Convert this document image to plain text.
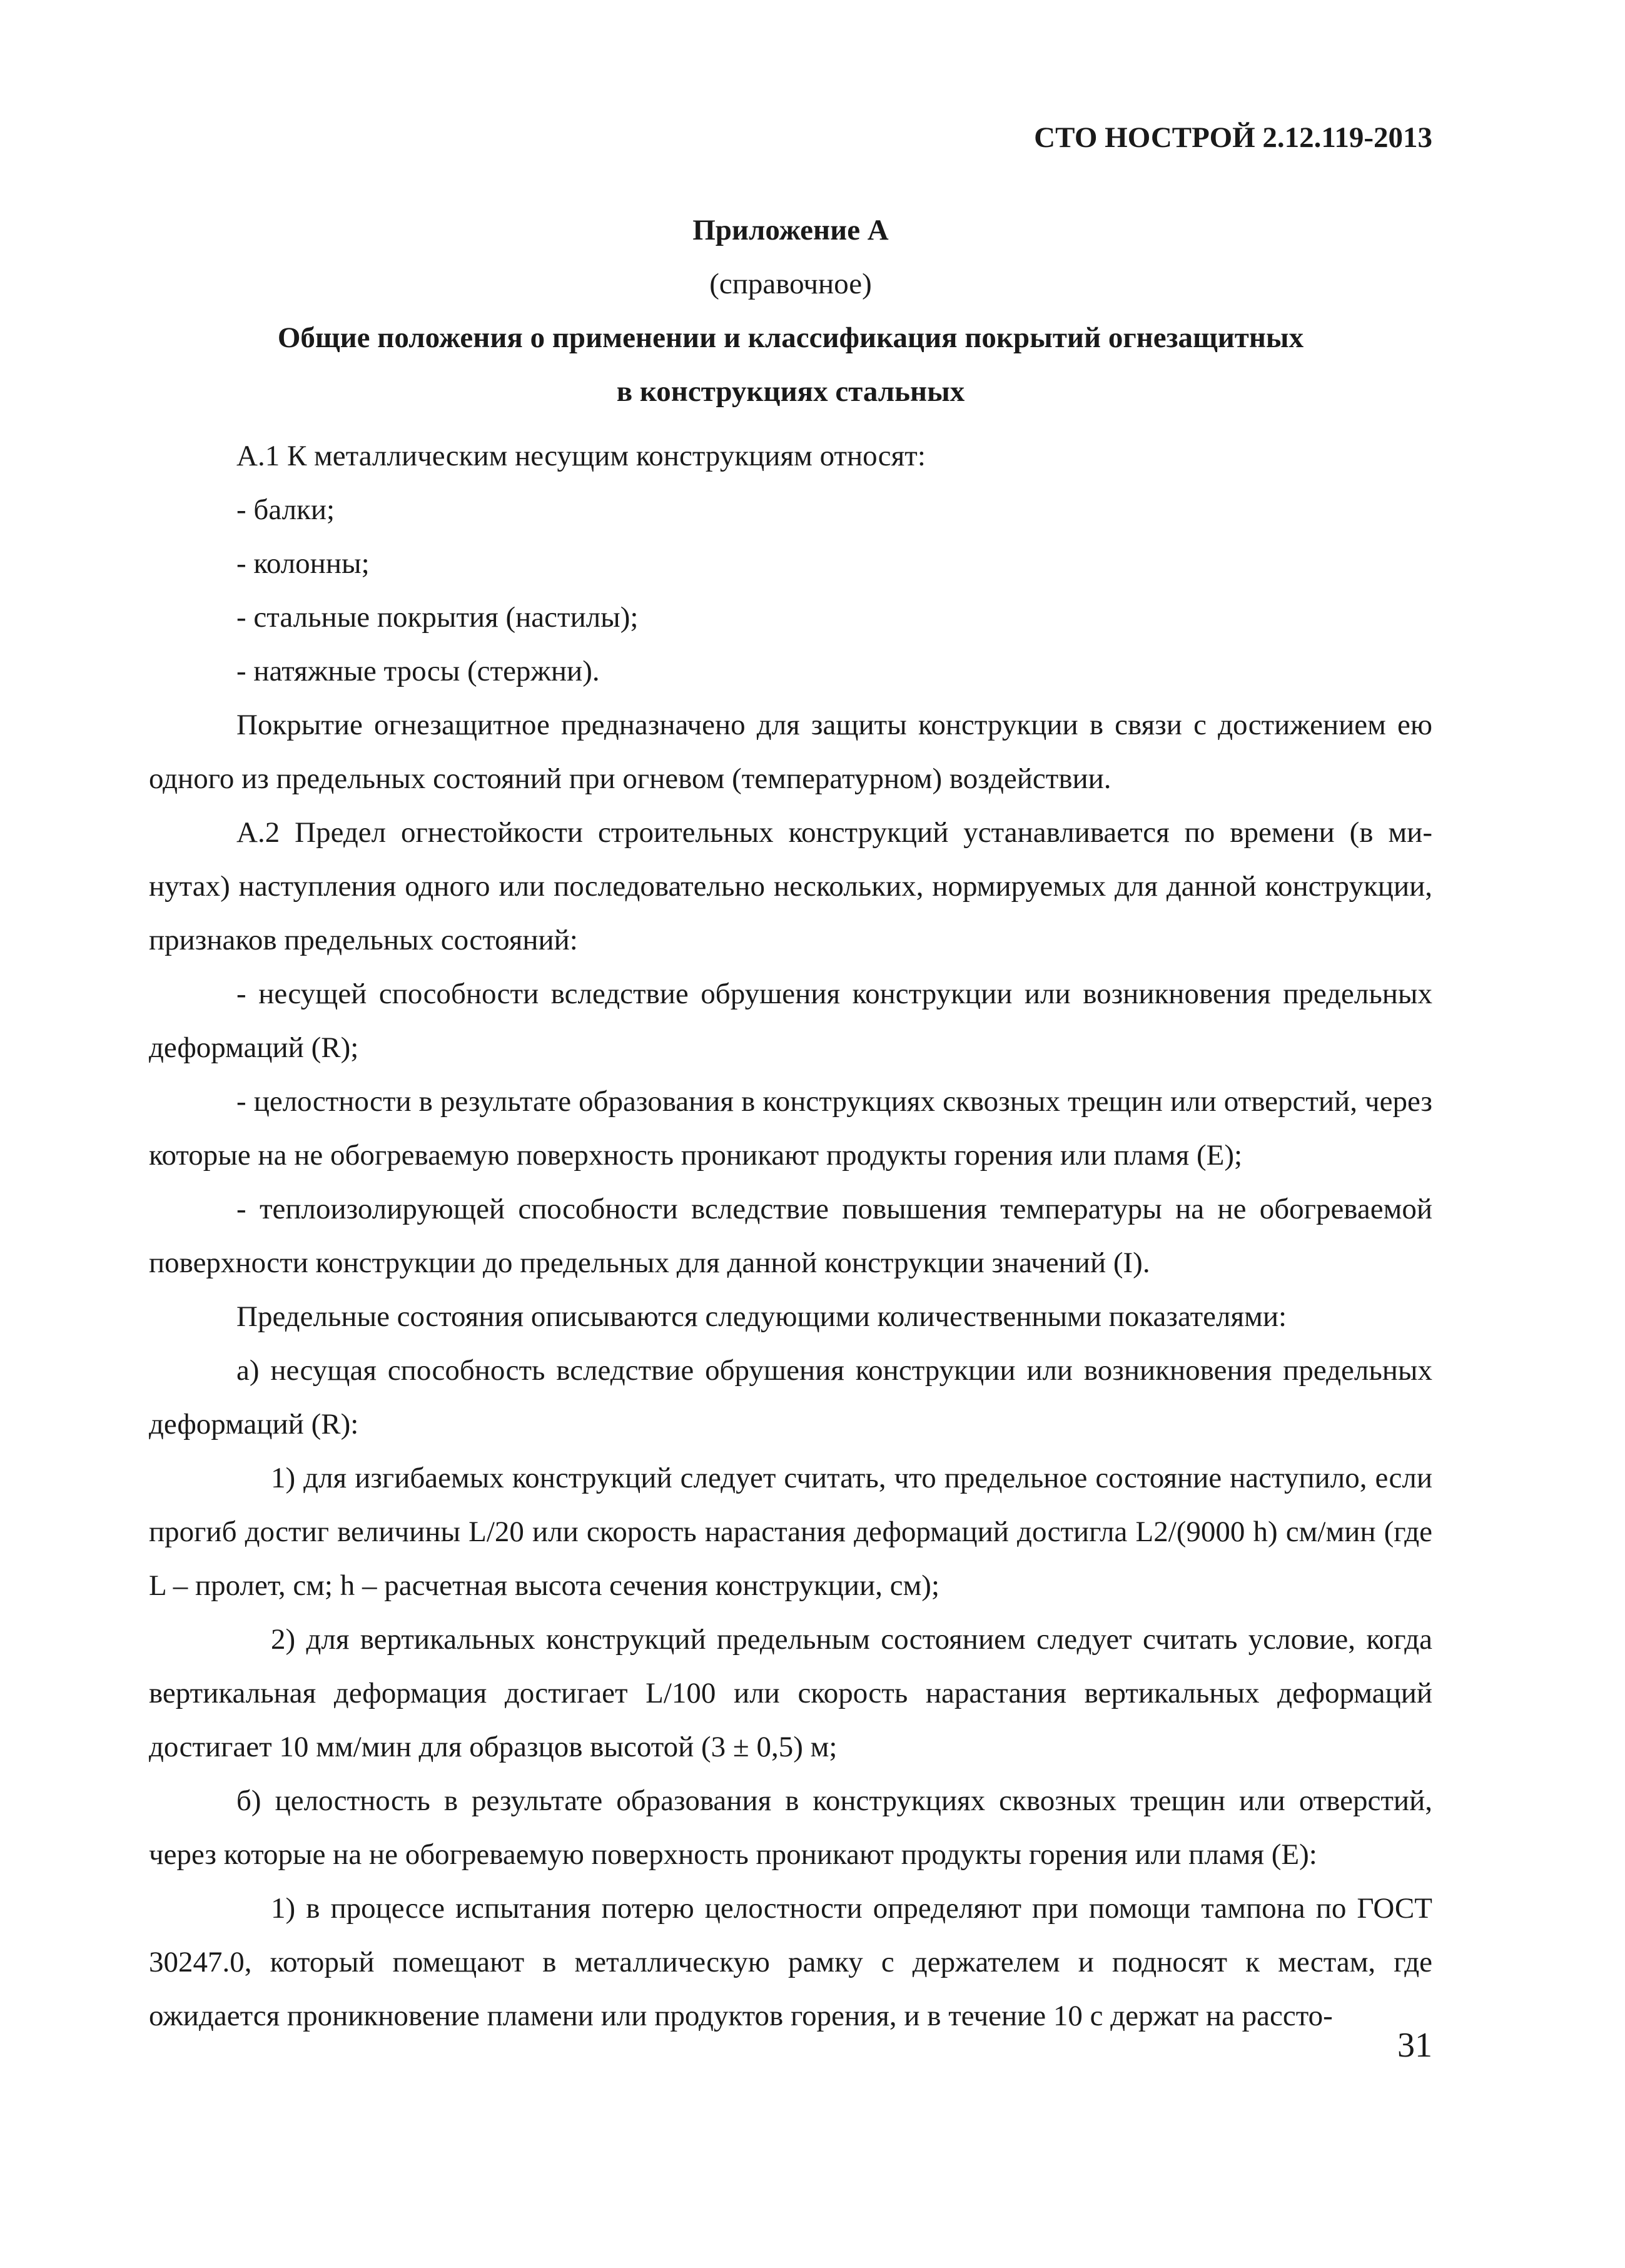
СТО НОСТРОЙ 2.12.119-2013
Приложение А
(справочное)
Общие положения о применении и классификация покрытий огнезащитных
в конструкциях стальных

А.1 К металлическим несущим конструкциям относят:

- балки;

- колонны;

- стальные покрытия (настилы);

- натяжные тросы (стержни).

Покрытие огнезащитное предназначено для защиты конструкции в связи с достижением ею одного из предельных состояний при огневом (температурном) воздействии.

А.2 Предел огнестойкости строительных конструкций устанавливается по времени (в минутах) наступления одного или последовательно нескольких, нормируемых для данной конструкции, признаков предельных состояний:

- несущей способности вследствие обрушения конструкции или возникновения предельных деформаций (R);

- целостности в результате образования в конструкциях сквозных трещин или отверстий, через которые на не обогреваемую поверхность проникают продукты горения или пламя (Е);

- теплоизолирующей способности вследствие повышения температуры на не обогреваемой поверхности конструкции до предельных для данной конструкции значений (I).

Предельные состояния описываются следующими количественными показателями:

а) несущая способность вследствие обрушения конструкции или возникновения предельных деформаций (R):

1) для изгибаемых конструкций следует считать, что предельное состояние наступило, если прогиб достиг величины L/20 или скорость нарастания деформаций достигла L2/(9000 h) см/мин (где L – пролет, см; h – расчетная высота сечения конструкции, см);

2) для вертикальных конструкций предельным состоянием следует считать условие, когда вертикальная деформация достигает L/100 или скорость нарастания вертикальных деформаций достигает 10 мм/мин для образцов высотой (3 ± 0,5) м;

б) целостность в результате образования в конструкциях сквозных трещин или отверстий, через которые на не обогреваемую поверхность проникают продукты горения или пламя (Е):

1) в процессе испытания потерю целостности определяют при помощи тампона по ГОСТ 30247.0, который помещают в металлическую рамку с держателем и подносят к местам, где ожидается проникновение пламени или продуктов горения, и в течение 10 с держат на рассто-

31
